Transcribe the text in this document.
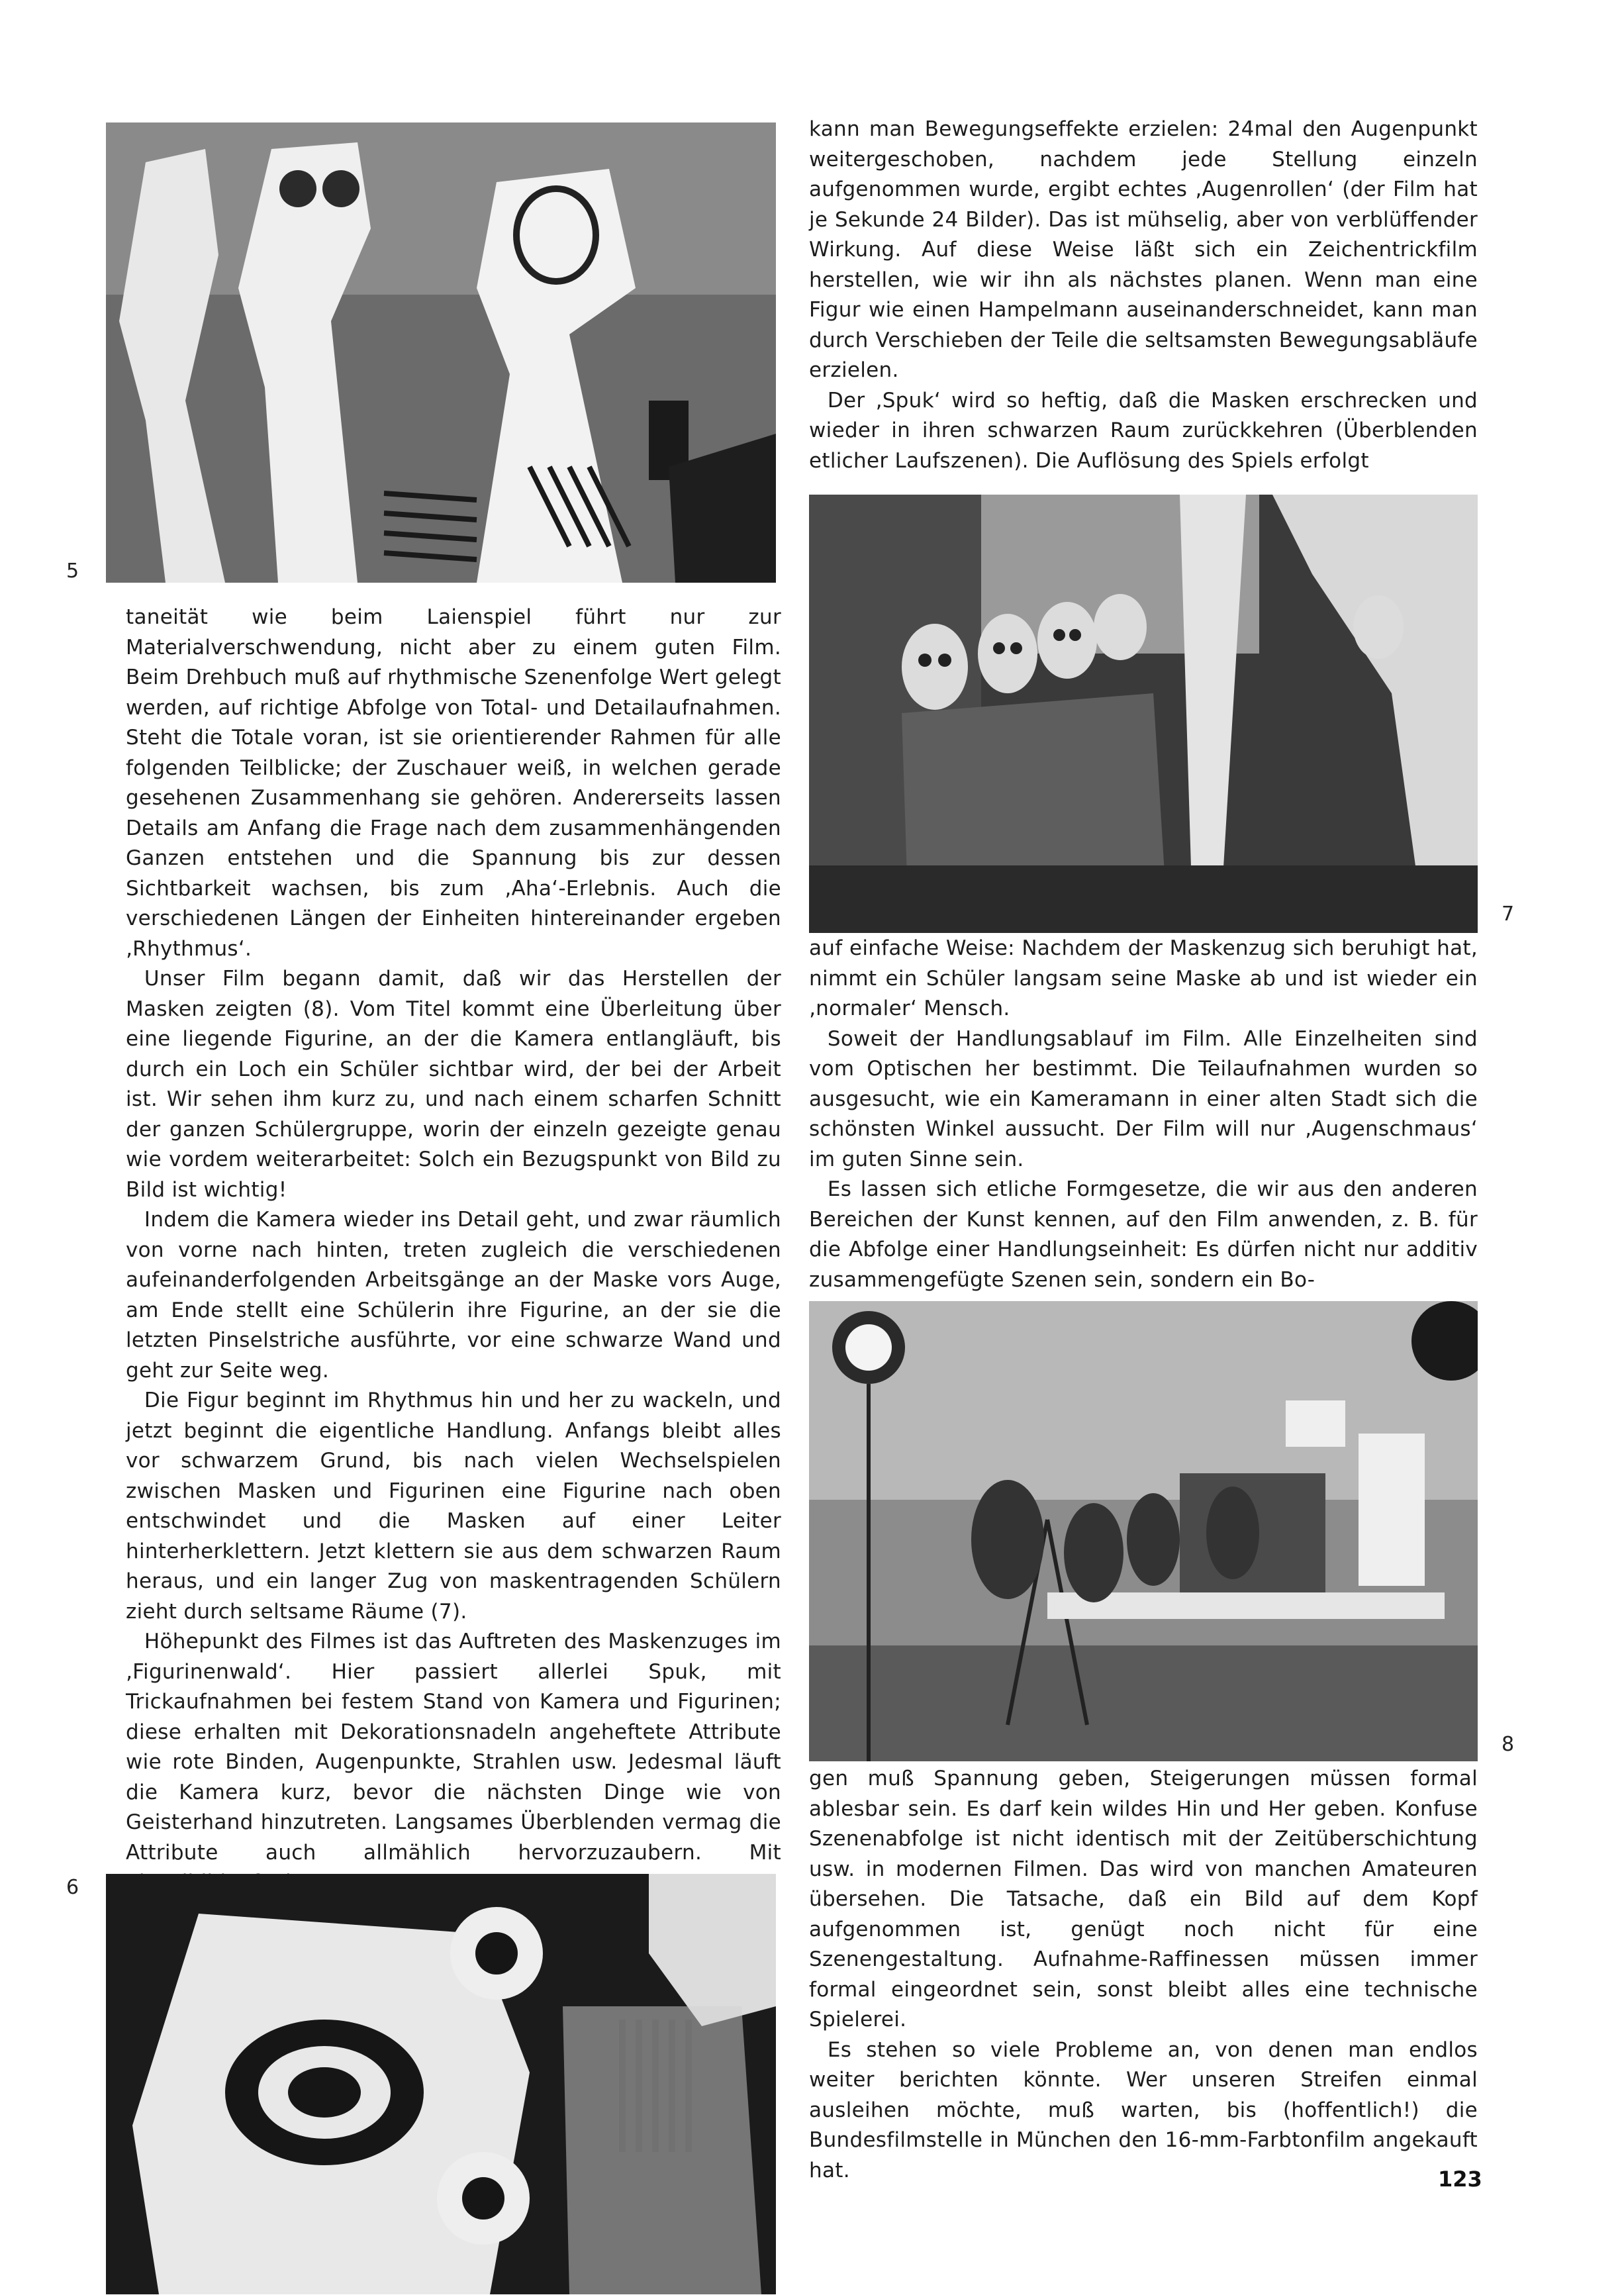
5

kann man Bewegungseffekte erzielen: 24mal den Augenpunkt weitergeschoben, nachdem jede Stellung einzeln aufgenommen wurde, ergibt echtes ‚Augenrollen‘ (der Film hat je Sekunde 24 Bilder). Das ist mühselig, aber von verblüffender Wirkung. Auf diese Weise läßt sich ein Zeichentrickfilm herstellen, wie wir ihn als nächstes planen. Wenn man eine Figur wie einen Hampelmann auseinanderschneidet, kann man durch Verschieben der Teile die seltsamsten Bewegungsabläufe erzielen.

Der ‚Spuk‘ wird so heftig, daß die Masken erschrecken und wieder in ihren schwarzen Raum zurückkehren (Überblenden etlicher Laufszenen). Die Auflösung des Spiels erfolgt

7

taneität wie beim Laienspiel führt nur zur Materialverschwendung, nicht aber zu einem guten Film. Beim Drehbuch muß auf rhythmische Szenenfolge Wert gelegt werden, auf richtige Abfolge von Total- und Detailaufnahmen. Steht die Totale voran, ist sie orientierender Rahmen für alle folgenden Teilblicke; der Zuschauer weiß, in welchen gerade gesehenen Zusammenhang sie gehören. Andererseits lassen Details am Anfang die Frage nach dem zusammenhängenden Ganzen entstehen und die Spannung bis zur dessen Sichtbarkeit wachsen, bis zum ‚Aha‘-Erlebnis. Auch die verschiedenen Längen der Einheiten hintereinander ergeben ‚Rhythmus‘.

Unser Film begann damit, daß wir das Herstellen der Masken zeigten (8). Vom Titel kommt eine Überleitung über eine liegende Figurine, an der die Kamera entlangläuft, bis durch ein Loch ein Schüler sichtbar wird, der bei der Arbeit ist. Wir sehen ihm kurz zu, und nach einem scharfen Schnitt der ganzen Schülergruppe, worin der einzeln gezeigte genau wie vordem weiterarbeitet: Solch ein Bezugspunkt von Bild zu Bild ist wichtig!

Indem die Kamera wieder ins Detail geht, und zwar räumlich von vorne nach hinten, treten zugleich die verschiedenen aufeinanderfolgenden Arbeitsgänge an der Maske vors Auge, am Ende stellt eine Schülerin ihre Figurine, an der sie die letzten Pinselstriche ausführte, vor eine schwarze Wand und geht zur Seite weg.

Die Figur beginnt im Rhythmus hin und her zu wackeln, und jetzt beginnt die eigentliche Handlung. Anfangs bleibt alles vor schwarzem Grund, bis nach vielen Wechselspielen zwischen Masken und Figurinen eine Figurine nach oben entschwindet und die Masken auf einer Leiter hinterherklettern. Jetzt klettern sie aus dem schwarzen Raum heraus, und ein langer Zug von maskentragenden Schülern zieht durch seltsame Räume (7).

Höhepunkt des Filmes ist das Auftreten des Maskenzuges im ‚Figurinenwald‘. Hier passiert allerlei Spuk, mit Trickaufnahmen bei festem Stand von Kamera und Figurinen; diese erhalten mit Dekorationsnadeln angeheftete Attribute wie rote Binden, Augenpunkte, Strahlen usw. Jedesmal läuft die Kamera kurz, bevor die nächsten Dinge wie von Geisterhand hinzutreten. Langsames Überblenden vermag die Attribute auch allmählich hervorzuzaubern. Mit

auf einfache Weise: Nachdem der Maskenzug sich beruhigt hat, nimmt ein Schüler langsam seine Maske ab und ist wieder ein ‚normaler‘ Mensch.

Soweit der Handlungsablauf im Film. Alle Einzelheiten sind vom Optischen her bestimmt. Die Teilaufnahmen wurden so ausgesucht, wie ein Kameramann in einer alten Stadt sich die schönsten Winkel aussucht. Der Film will nur ‚Augenschmaus‘ im guten Sinne sein.

Es lassen sich etliche Formgesetze, die wir aus den anderen Bereichen der Kunst kennen, auf den Film anwenden, z. B. für die Abfolge einer Handlungseinheit: Es dürfen nicht nur additiv zusammengefügte Szenen sein, sondern ein Bo-

8

gen muß Spannung geben, Steigerungen müssen formal ablesbar sein. Es darf kein wildes Hin und Her geben. Konfuse Szenenabfolge ist nicht identisch mit der Zeitüberschichtung usw. in modernen Filmen. Das wird von manchen Amateuren übersehen. Die Tatsache, daß ein Bild auf dem Kopf aufgenommen ist, genügt noch nicht für eine Szenengestaltung. Aufnahme-Raffinessen müssen immer formal eingeordnet sein, sonst bleibt alles eine technische Spielerei.

Es stehen so viele Probleme an, von denen man endlos weiter berichten könnte. Wer unseren Streifen einmal ausleihen möchte, muß warten, bis (hoffentlich!) die Bundesfilmstelle in München den 16-mm-Farbtonfilm angekauft hat.

6
123
